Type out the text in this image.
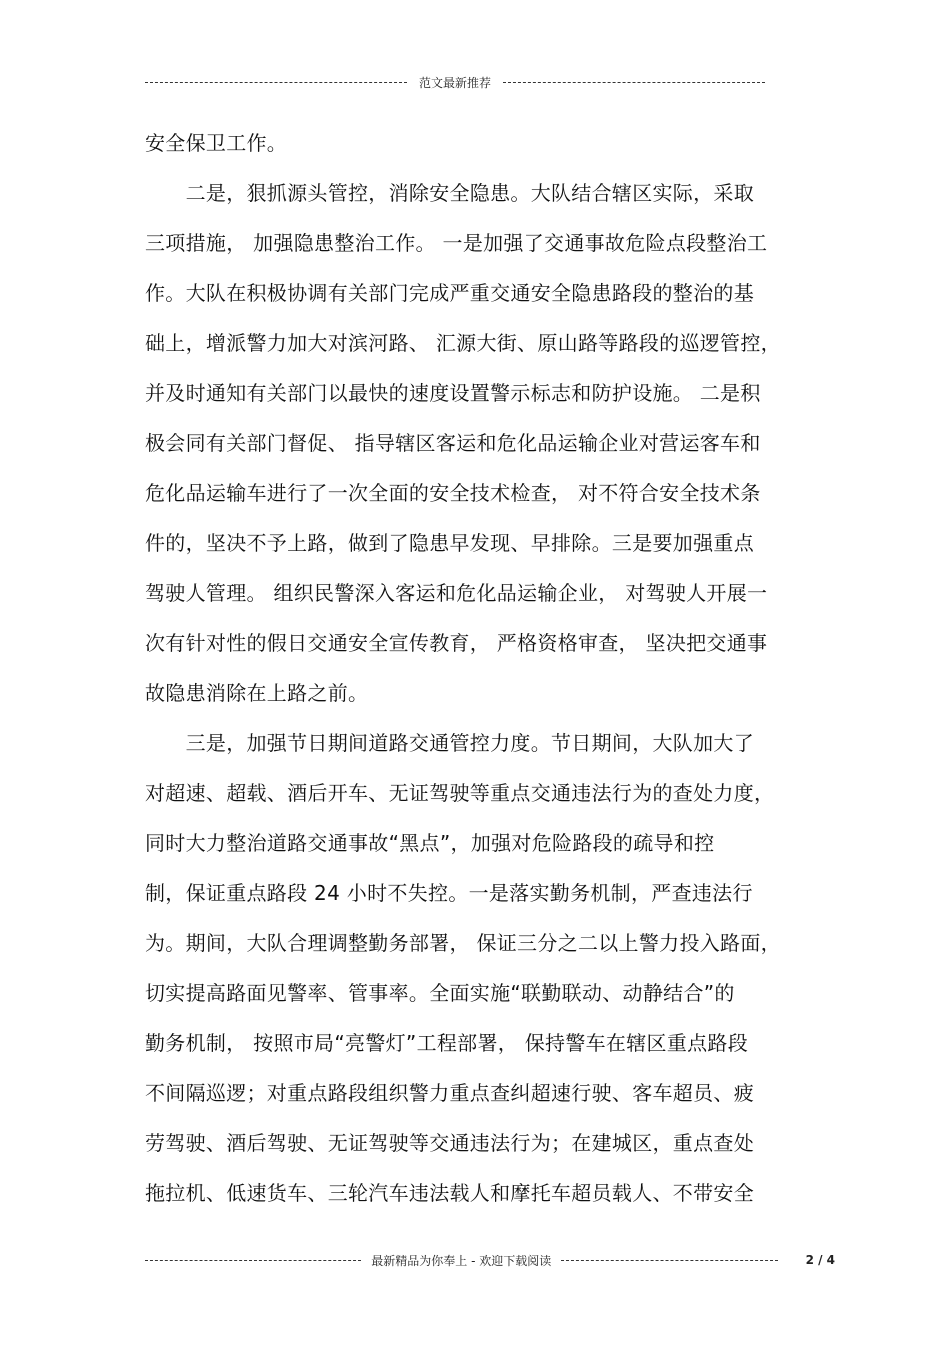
范文最新推荐
安全保卫工作。
　　二是，狠抓源头管控，消除安全隐患。大队结合辖区实际，采取
三项措施， 加强隐患整治工作。 一是加强了交通事故危险点段整治工
作。大队在积极协调有关部门完成严重交通安全隐患路段的整治的基
础上，增派警力加大对滨河路、 汇源大街、原山路等路段的巡逻管控，
并及时通知有关部门以最快的速度设置警示标志和防护设施。 二是积
极会同有关部门督促、 指导辖区客运和危化品运输企业对营运客车和
危化品运输车进行了一次全面的安全技术检查， 对不符合安全技术条
件的，坚决不予上路，做到了隐患早发现、早排除。三是要加强重点
驾驶人管理。 组织民警深入客运和危化品运输企业， 对驾驶人开展一
次有针对性的假日交通安全宣传教育， 严格资格审查， 坚决把交通事
故隐患消除在上路之前。
　　三是，加强节日期间道路交通管控力度。节日期间，大队加大了
对超速、超载、酒后开车、无证驾驶等重点交通违法行为的查处力度，
同时大力整治道路交通事故“黑点”，加强对危险路段的疏导和控
制，保证重点路段 24 小时不失控。一是落实勤务机制，严查违法行
为。期间，大队合理调整勤务部署， 保证三分之二以上警力投入路面，
切实提高路面见警率、管事率。全面实施“联勤联动、动静结合”的
勤务机制， 按照市局“亮警灯”工程部署， 保持警车在辖区重点路段
不间隔巡逻；对重点路段组织警力重点查纠超速行驶、客车超员、疲
劳驾驶、酒后驾驶、无证驾驶等交通违法行为；在建城区，重点查处
拖拉机、低速货车、三轮汽车违法载人和摩托车超员载人、不带安全
最新精品为你奉上 - 欢迎下载阅读	2 / 4
